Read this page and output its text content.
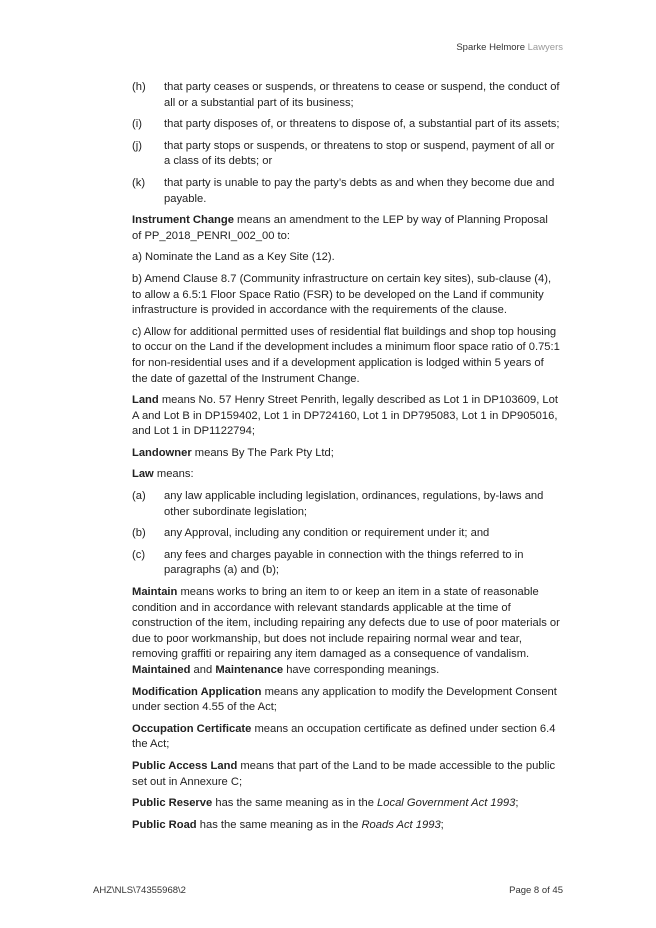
Sparke Helmore Lawyers
(h) that party ceases or suspends, or threatens to cease or suspend, the conduct of all or a substantial part of its business;
(i) that party disposes of, or threatens to dispose of, a substantial part of its assets;
(j) that party stops or suspends, or threatens to stop or suspend, payment of all or a class of its debts; or
(k) that party is unable to pay the party’s debts as and when they become due and payable.

Instrument Change means an amendment to the LEP by way of Planning Proposal of PP_2018_PENRI_002_00 to:

a) Nominate the Land as a Key Site (12).

b) Amend Clause 8.7 (Community infrastructure on certain key sites), sub-clause (4), to allow a 6.5:1 Floor Space Ratio (FSR) to be developed on the Land if community infrastructure is provided in accordance with the requirements of the clause.

c) Allow for additional permitted uses of residential flat buildings and shop top housing to occur on the Land if the development includes a minimum floor space ratio of 0.75:1 for non-residential uses and if a development application is lodged within 5 years of the date of gazettal of the Instrument Change.

Land means No. 57 Henry Street Penrith, legally described as Lot 1 in DP103609, Lot A and Lot B in DP159402, Lot 1 in DP724160, Lot 1 in DP795083, Lot 1 in DP905016, and Lot 1 in DP1122794;

Landowner means By The Park Pty Ltd;

Law means:

(a) any law applicable including legislation, ordinances, regulations, by-laws and other subordinate legislation;
(b) any Approval, including any condition or requirement under it; and
(c) any fees and charges payable in connection with the things referred to in paragraphs (a) and (b);

Maintain means works to bring an item to or keep an item in a state of reasonable condition and in accordance with relevant standards applicable at the time of construction of the item, including repairing any defects due to use of poor materials or due to poor workmanship, but does not include repairing normal wear and tear, removing graffiti or repairing any item damaged as a consequence of vandalism. Maintained and Maintenance have corresponding meanings.

Modification Application means any application to modify the Development Consent under section 4.55 of the Act;

Occupation Certificate means an occupation certificate as defined under section 6.4 the Act;

Public Access Land means that part of the Land to be made accessible to the public set out in Annexure C;

Public Reserve has the same meaning as in the Local Government Act 1993;

Public Road has the same meaning as in the Roads Act 1993;

AHZ\NLS\74355968\2	Page 8 of 45
